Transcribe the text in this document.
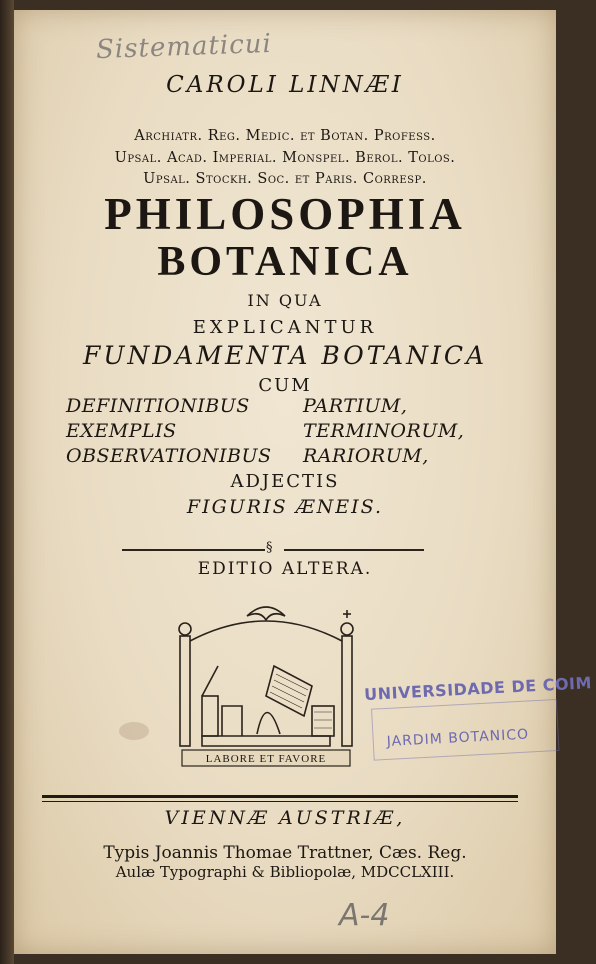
Sistematicui
CAROLI LINNÆI
Archiatr. Reg. Medic. et Botan. Profess.
Upsal. Acad. Imperial. Monspel. Berol. Tolos.
Upsal. Stockh. Soc. et Paris. Corresp.
PHILOSOPHIA
BOTANICA
IN QUA
EXPLICANTUR
FUNDAMENTA BOTANICA
CUM
DEFINITIONIBUS	PARTIUM,
EXEMPLIS	TERMINORUM,
OBSERVATIONIBUS RARIORUM,
ADJECTIS
FIGURIS ÆNEIS.
§
EDITIO ALTERA.
LABORE ET FAVORE
VIENNÆ AUSTRIÆ,
Typis Joannis Thomae Trattner, Cæs. Reg.
Aulæ Typographi & Bibliopolæ, MDCCLXIII.
A-4
UNIVERSIDADE DE COIM
JARDIM BOTANICO
